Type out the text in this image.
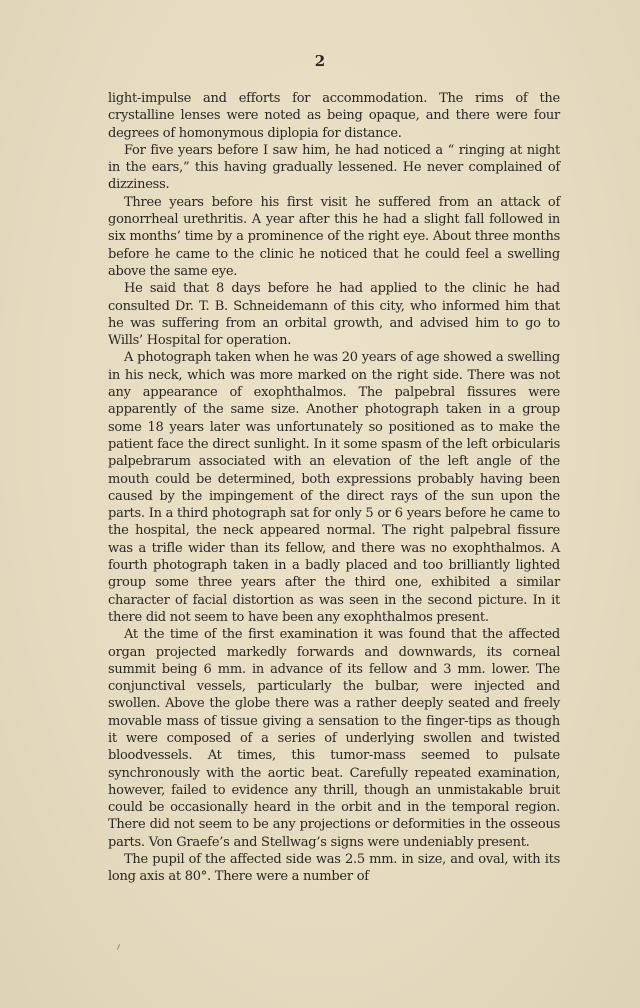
2

light-impulse and efforts for accommodation. The rims of the crystalline lenses were noted as being opaque, and there were four degrees of homonymous diplopia for distance.

For five years before I saw him, he had noticed a “ ringing at night in the ears,” this having gradually lessened. He never complained of dizziness.

Three years before his first visit he suffered from an attack of gonorrheal urethritis. A year after this he had a slight fall followed in six months’ time by a prominence of the right eye. About three months before he came to the clinic he noticed that he could feel a swelling above the same eye.

He said that 8 days before he had applied to the clinic he had consulted Dr. T. B. Schneidemann of this city, who informed him that he was suffering from an orbital growth, and advised him to go to Wills’ Hospital for operation.

A photograph taken when he was 20 years of age showed a swelling in his neck, which was more marked on the right side. There was not any appearance of exophthalmos. The palpebral fissures were apparently of the same size. Another photograph taken in a group some 18 years later was unfortunately so positioned as to make the patient face the direct sunlight. In it some spasm of the left orbicularis palpebrarum associated with an elevation of the left angle of the mouth could be determined, both expressions probably having been caused by the impingement of the direct rays of the sun upon the parts. In a third photograph sat for only 5 or 6 years before he came to the hospital, the neck appeared normal. The right palpebral fissure was a trifle wider than its fellow, and there was no exophthalmos. A fourth photograph taken in a badly placed and too brilliantly lighted group some three years after the third one, exhibited a similar character of facial distortion as was seen in the second picture. In it there did not seem to have been any exophthalmos present.

At the time of the first examination it was found that the affected organ projected markedly forwards and downwards, its corneal summit being 6 mm. in advance of its fellow and 3 mm. lower. The conjunctival vessels, particularly the bulbar, were injected and swollen. Above the globe there was a rather deeply seated and freely movable mass of tissue giving a sensation to the finger-tips as though it were composed of a series of underlying swollen and twisted bloodvessels. At times, this tumor-mass seemed to pulsate synchronously with the aortic beat. Carefully repeated examination, however, failed to evidence any thrill, though an unmistakable bruit could be occasionally heard in the orbit and in the temporal region. There did not seem to be any projections or deformities in the osseous parts. Von Graefe’s and Stellwag’s signs were undeniably present.

The pupil of the affected side was 2.5 mm. in size, and oval, with its long axis at 80°. There were a number of
